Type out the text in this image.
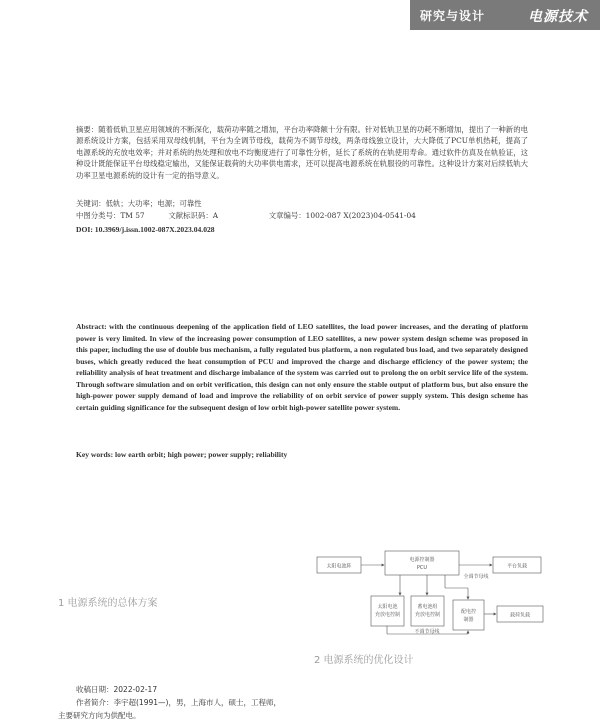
研究与设计	电源技术
摘要：随着低轨卫星应用领域的不断深化，载荷功率随之增加，平台功率降额十分有限。针对低轨卫星的功耗不断增加，提出了一种新的电源系统设计方案，包括采用双母线机制，平台为全调节母线，载荷为不调节母线，两条母线独立设计，大大降低了PCU单机热耗，提高了电源系统的充放电效率；并对系统的热处理和放电不均衡度进行了可靠性分析，延长了系统的在轨使用寿命。通过软件仿真及在轨验证，这种设计既能保证平台母线稳定输出，又能保证载荷的大功率供电需求，还可以提高电源系统在轨服役的可靠性。这种设计方案对后续低轨大功率卫星电源系统的设计有一定的指导意义。
关键词：低轨；大功率；电源；可靠性
中图分类号：TM 57	文献标识码：A	文章编号：1002-087 X(2023)04-0541-04
DOI: 10.3969/j.issn.1002-087X.2023.04.028
Abstract: with the continuous deepening of the application field of LEO satellites, the load power increases, and the derating of platform power is very limited. In view of the increasing power consumption of LEO satellites, a new power system design scheme was proposed in this paper, including the use of double bus mechanism, a fully regulated bus platform, a non regulated bus load, and two separately designed buses, which greatly reduced the heat consumption of PCU and improved the charge and discharge efficiency of the power system; the reliability analysis of heat treatment and discharge imbalance of the system was carried out to prolong the on orbit service life of the system. Through software simulation and on orbit verification, this design can not only ensure the stable output of platform bus, but also ensure the high-power power supply demand of load and improve the reliability of on orbit service of power supply system. This design scheme has certain guiding significance for the subsequent design of low orbit high-power satellite power system.
Key words: low earth orbit; high power; power supply; reliability
太阳电池阵
电源控制器
PCU	平台负载
全调节母线
太阳电池
充放电控制
蓄电池组
充放电控制	配电控
制器
载荷负载
不调节母线
1 电源系统的总体方案
2 电源系统的优化设计
收稿日期：2022-02-17
作者简介：李宇超(1991—)，男，上海市人，硕士，工程师，
主要研究方向为供配电。
